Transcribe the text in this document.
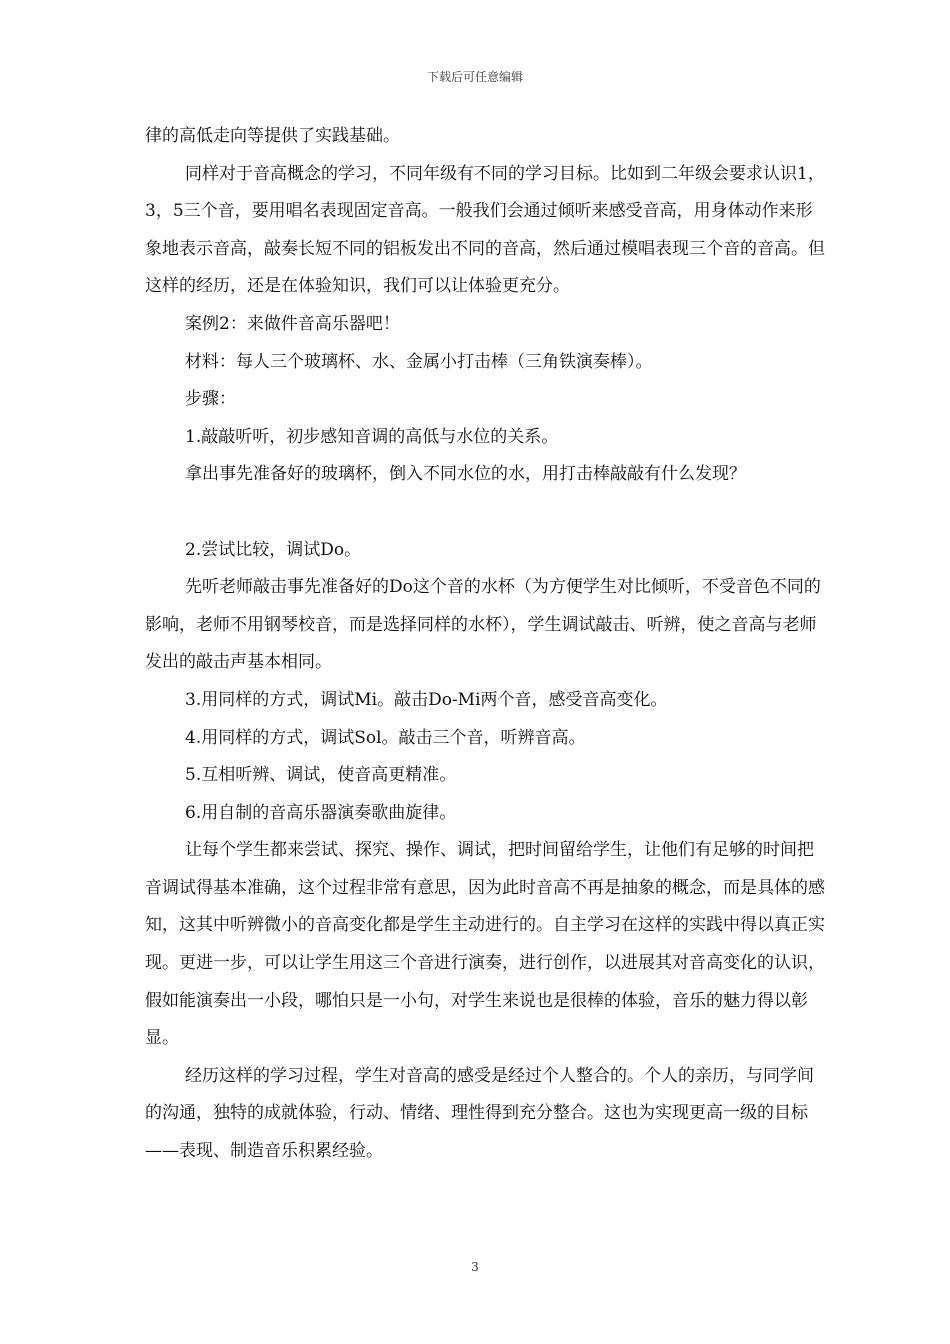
下载后可任意编辑

律的高低走向等提供了实践基础。

同样对于音高概念的学习，不同年级有不同的学习目标。比如到二年级会要求认识1，3，5三个音，要用唱名表现固定音高。一般我们会通过倾听来感受音高，用身体动作来形象地表示音高，敲奏长短不同的铝板发出不同的音高，然后通过模唱表现三个音的音高。但这样的经历，还是在体验知识，我们可以让体验更充分。

案例2：来做件音高乐器吧！

材料：每人三个玻璃杯、水、金属小打击棒（三角铁演奏棒）。

步骤：

1.敲敲听听，初步感知音调的高低与水位的关系。

拿出事先准备好的玻璃杯，倒入不同水位的水，用打击棒敲敲有什么发现？

2.尝试比较，调试Do。

先听老师敲击事先准备好的Do这个音的水杯（为方便学生对比倾听，不受音色不同的影响，老师不用钢琴校音，而是选择同样的水杯），学生调试敲击、听辨，使之音高与老师发出的敲击声基本相同。

3.用同样的方式，调试Mi。敲击Do-Mi两个音，感受音高变化。

4.用同样的方式，调试Sol。敲击三个音，听辨音高。

5.互相听辨、调试，使音高更精准。

6.用自制的音高乐器演奏歌曲旋律。

让每个学生都来尝试、探究、操作、调试，把时间留给学生，让他们有足够的时间把音调试得基本准确，这个过程非常有意思，因为此时音高不再是抽象的概念，而是具体的感知，这其中听辨微小的音高变化都是学生主动进行的。自主学习在这样的实践中得以真正实现。更进一步，可以让学生用这三个音进行演奏，进行创作，以进展其对音高变化的认识，假如能演奏出一小段，哪怕只是一小句，对学生来说也是很棒的体验，音乐的魅力得以彰显。

经历这样的学习过程，学生对音高的感受是经过个人整合的。个人的亲历，与同学间的沟通，独特的成就体验，行动、情绪、理性得到充分整合。这也为实现更高一级的目标——表现、制造音乐积累经验。

3
